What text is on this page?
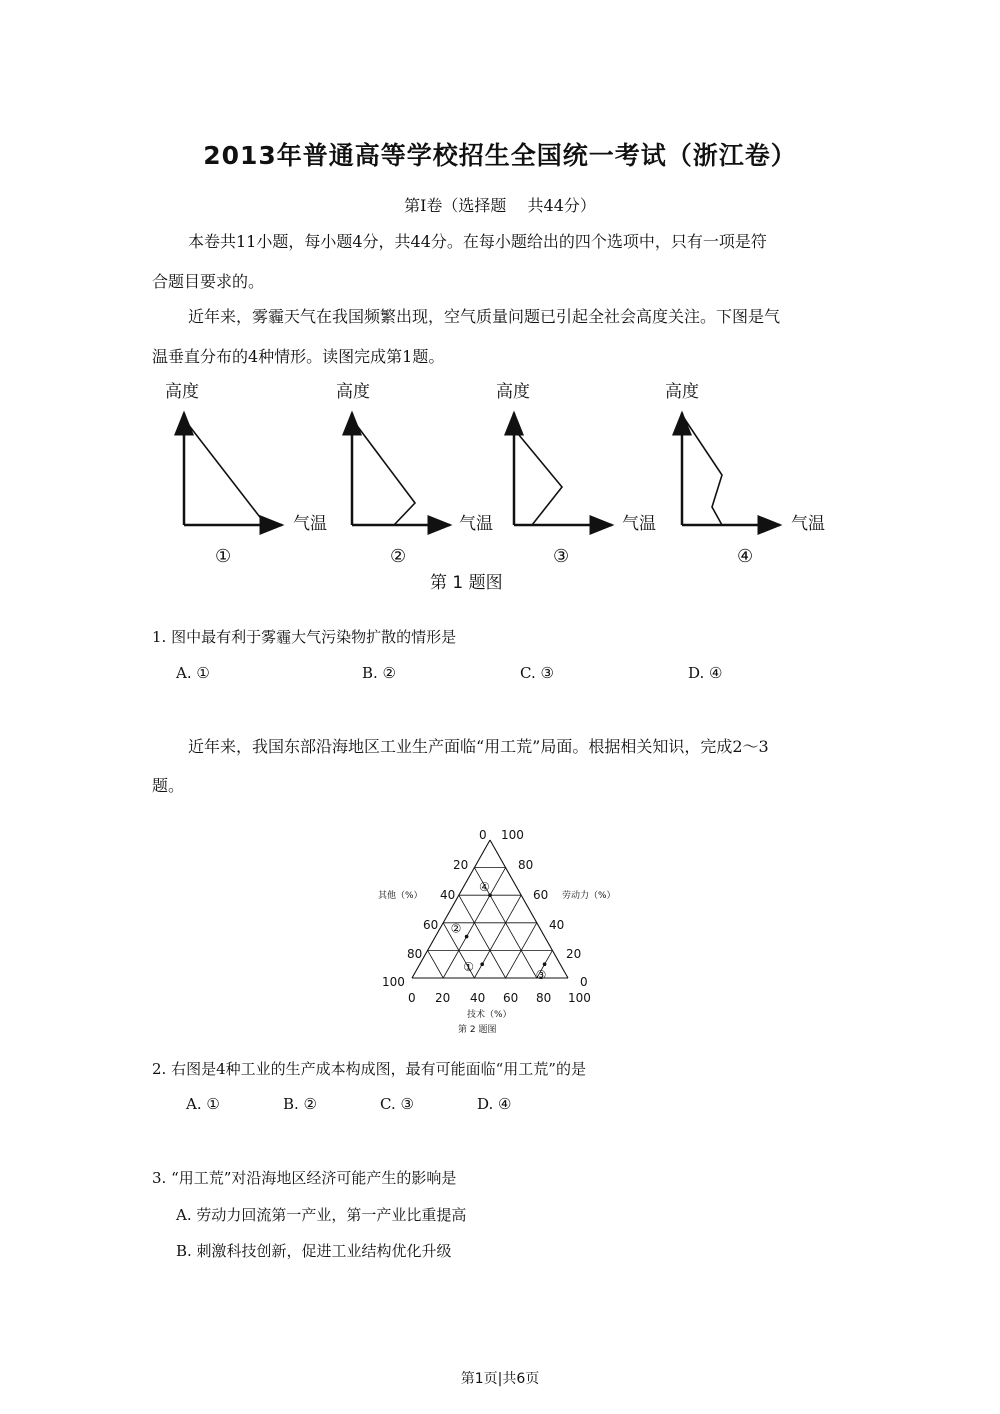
2013年普通高等学校招生全国统一考试（浙江卷）
第Ⅰ卷（选择题　 共44分）
本卷共11小题，每小题4分，共44分。在每小题给出的四个选项中，只有一项是符
合题目要求的。
近年来，雾霾天气在我国频繁出现，空气质量问题已引起全社会高度关注。下图是气
温垂直分布的4种情形。读图完成第1题。
高度
气温
①
高度
气温
②
高度
气温
③
高度
气温
④
第 1 题图
1. 图中最有利于雾霾大气污染物扩散的情形是
A. ①	B. ②	C. ③	D. ④
近年来，我国东部沿海地区工业生产面临“用工荒”局面。根据相关知识，完成2～3
题。
①
②
③
④
0
20
40
60
80
100
100
80
60
40
20
0
0 20 40 60 80 100
其他（%）	劳动力（%）
技术（%）
第 2 题图
2. 右图是4种工业的生产成本构成图，最有可能面临“用工荒”的是
A. ①	B. ②	C. ③	D. ④
3. “用工荒”对沿海地区经济可能产生的影响是
A. 劳动力回流第一产业，第一产业比重提高
B. 刺激科技创新，促进工业结构优化升级
第1页|共6页
